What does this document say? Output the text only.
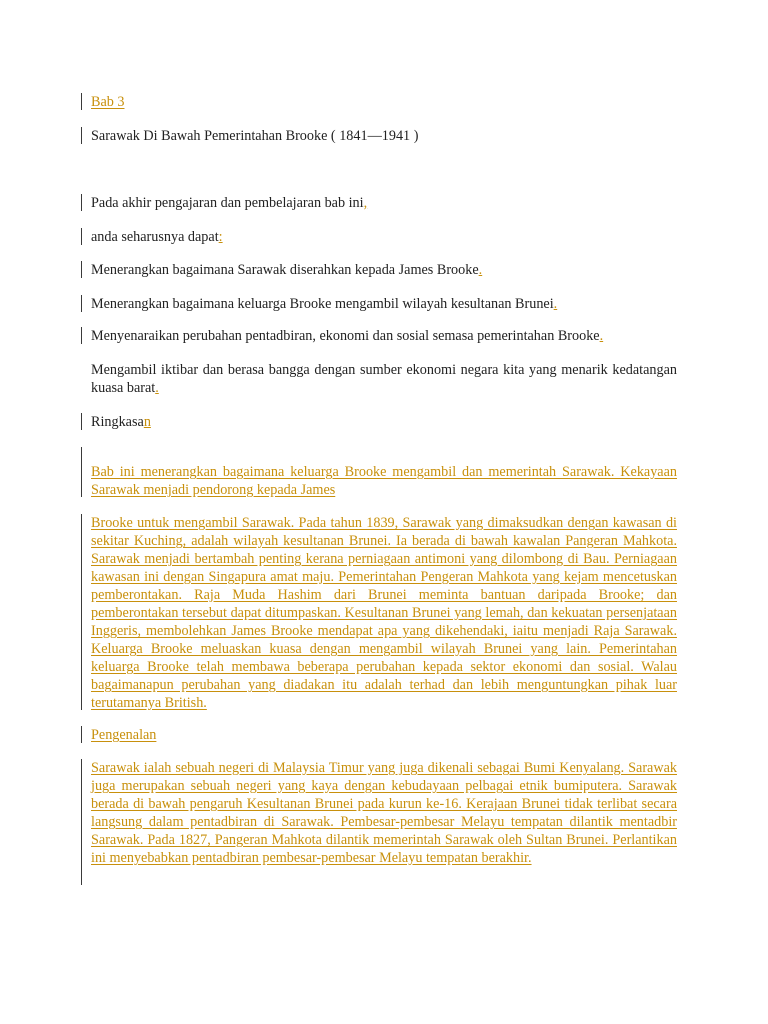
Bab 3

Sarawak Di Bawah Pemerintahan Brooke ( 1841—1941 )

Pada akhir pengajaran dan pembelajaran bab ini,

anda seharusnya dapat:

Menerangkan bagaimana Sarawak diserahkan kepada James Brooke.

Menerangkan bagaimana keluarga Brooke mengambil wilayah kesultanan Brunei.

Menyenaraikan perubahan pentadbiran, ekonomi dan sosial semasa pemerintahan Brooke.

Mengambil iktibar dan berasa bangga dengan sumber ekonomi negara kita yang menarik kedatangan kuasa barat.

Ringkasan

Bab ini menerangkan bagaimana keluarga Brooke mengambil dan memerintah Sarawak. Kekayaan Sarawak menjadi pendorong kepada James

Brooke untuk mengambil Sarawak. Pada tahun 1839, Sarawak yang dimaksudkan dengan kawasan di sekitar Kuching, adalah wilayah kesultanan Brunei. Ia berada di bawah kawalan Pangeran Mahkota. Sarawak menjadi bertambah penting kerana perniagaan antimoni yang dilombong di Bau. Perniagaan kawasan ini dengan Singapura amat maju. Pemerintahan Pengeran Mahkota yang kejam mencetuskan pemberontakan. Raja Muda Hashim dari Brunei meminta bantuan daripada Brooke; dan pemberontakan tersebut dapat ditumpaskan. Kesultanan Brunei yang lemah, dan kekuatan persenjataan Inggeris, membolehkan James Brooke mendapat apa yang dikehendaki, iaitu menjadi Raja Sarawak. Keluarga Brooke meluaskan kuasa dengan mengambil wilayah Brunei yang lain. Pemerintahan keluarga Brooke telah membawa beberapa perubahan kepada sektor ekonomi dan sosial. Walau bagaimanapun perubahan yang diadakan itu adalah terhad dan lebih menguntungkan pihak luar terutamanya British.

Pengenalan

Sarawak ialah sebuah negeri di Malaysia Timur yang juga dikenali sebagai Bumi Kenyalang. Sarawak juga merupakan sebuah negeri yang kaya dengan kebudayaan pelbagai etnik bumiputera. Sarawak berada di bawah pengaruh Kesultanan Brunei pada kurun ke-16. Kerajaan Brunei tidak terlibat secara langsung dalam pentadbiran di Sarawak. Pembesar-pembesar Melayu tempatan dilantik mentadbir Sarawak. Pada 1827, Pangeran Mahkota dilantik memerintah Sarawak oleh Sultan Brunei. Perlantikan ini menyebabkan pentadbiran pembesar-pembesar Melayu tempatan berakhir.
